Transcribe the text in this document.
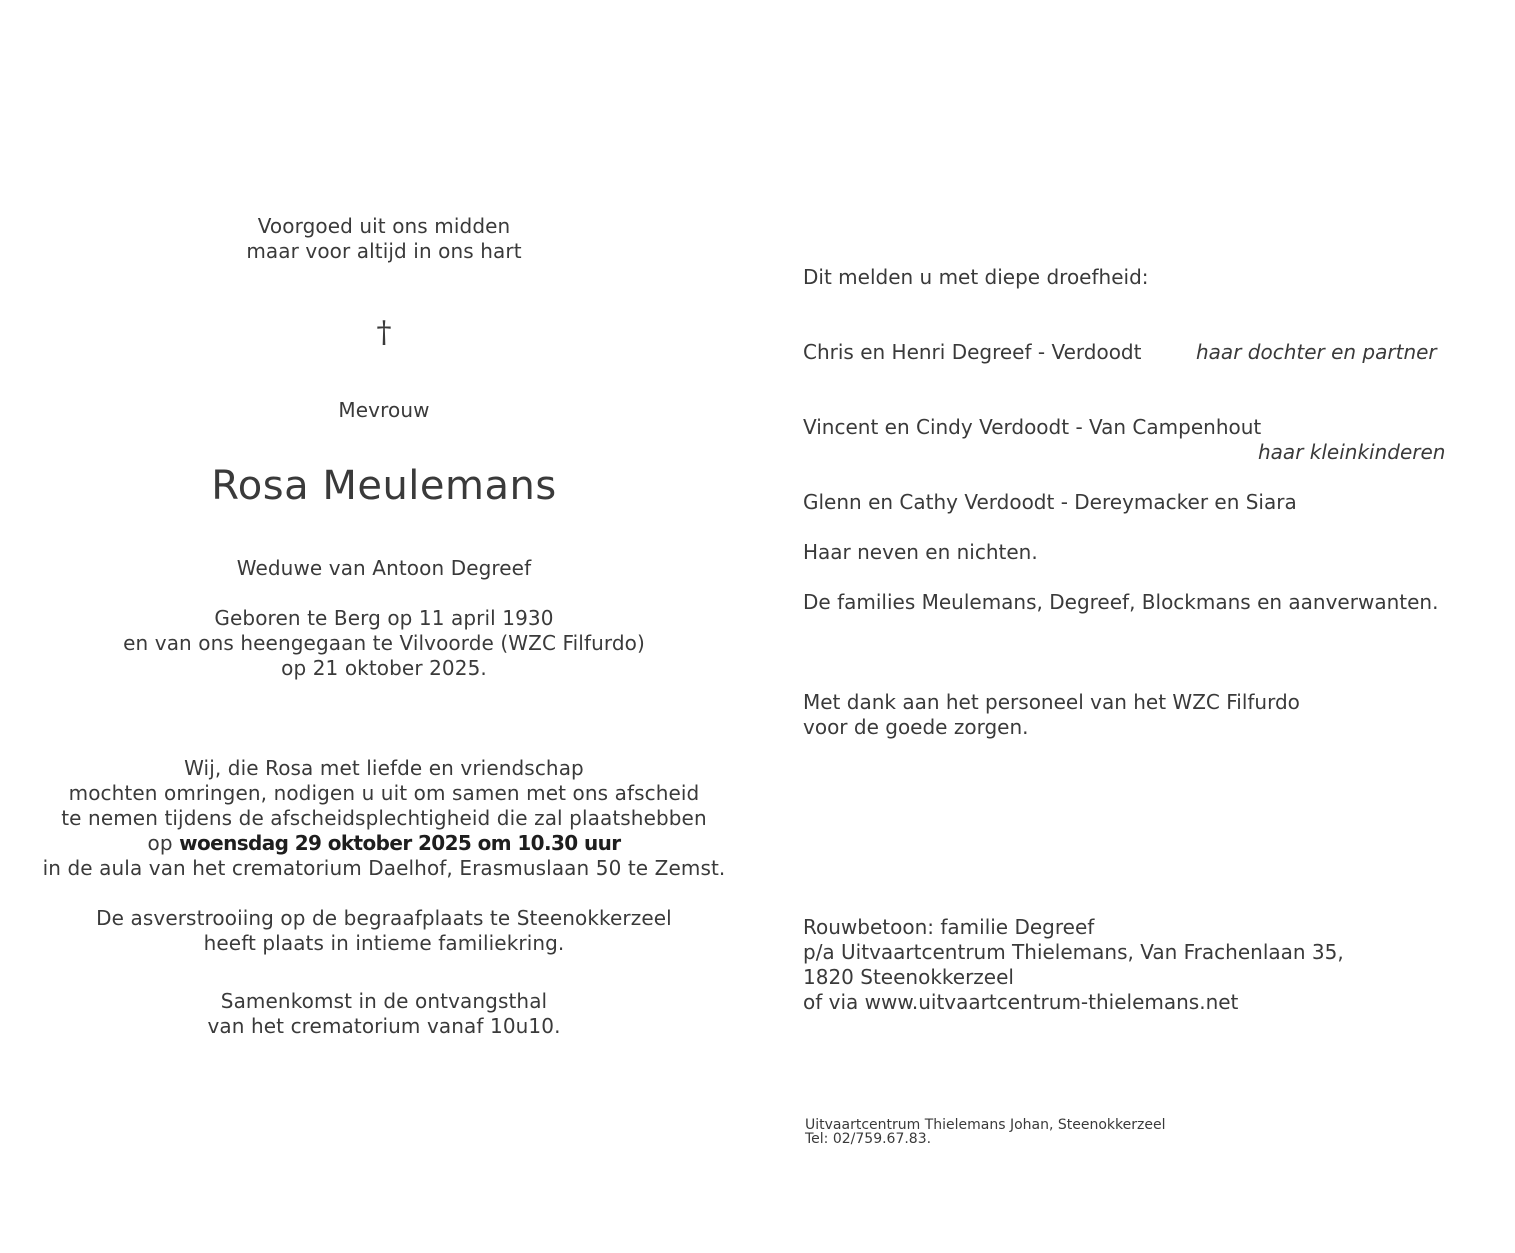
Voorgoed uit ons midden
maar voor altijd in ons hart
†
Mevrouw
Rosa Meulemans
Weduwe van Antoon Degreef
Geboren te Berg op 11 april 1930
en van ons heengegaan te Vilvoorde (WZC Filfurdo)
op 21 oktober 2025.
Wij, die Rosa met liefde en vriendschap
mochten omringen, nodigen u uit om samen met ons afscheid
te nemen tijdens de afscheidsplechtigheid die zal plaatshebben
op woensdag 29 oktober 2025 om 10.30 uur
in de aula van het crematorium Daelhof, Erasmuslaan 50 te Zemst.
De asverstrooiing op de begraafplaats te Steenokkerzeel
heeft plaats in intieme familiekring.
Samenkomst in de ontvangsthal
van het crematorium vanaf 10u10.
Dit melden u met diepe droefheid:
Chris en Henri Degreef - Verdoodt	haar dochter en partner
Vincent en Cindy Verdoodt - Van Campenhout
haar kleinkinderen
Glenn en Cathy Verdoodt - Dereymacker en Siara
Haar neven en nichten.
De families Meulemans, Degreef, Blockmans en aanverwanten.
Met dank aan het personeel van het WZC Filfurdo
voor de goede zorgen.
Rouwbetoon: familie Degreef
p/a Uitvaartcentrum Thielemans, Van Frachenlaan 35,
1820 Steenokkerzeel
of via www.uitvaartcentrum-thielemans.net
Uitvaartcentrum Thielemans Johan, Steenokkerzeel
Tel: 02/759.67.83.
